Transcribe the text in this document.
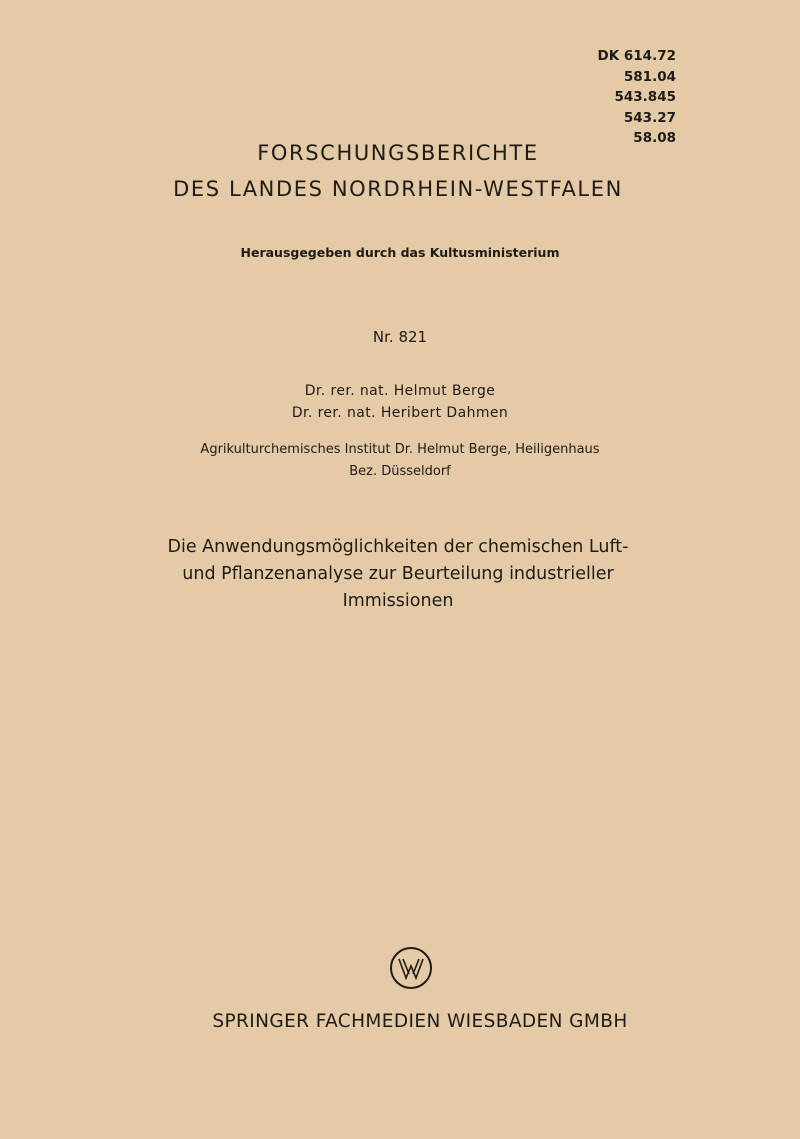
DK 614.72
581.04
543.845
543.27
58.08
FORSCHUNGSBERICHTE
DES LANDES NORDRHEIN-WESTFALEN
Herausgegeben durch das Kultusministerium
Nr. 821
Dr. rer. nat. Helmut Berge
Dr. rer. nat. Heribert Dahmen
Agrikulturchemisches Institut Dr. Helmut Berge, Heiligenhaus
Bez. Düsseldorf
Die Anwendungsmöglichkeiten der chemischen Luft-
und Pflanzenanalyse zur Beurteilung industrieller
Immissionen
SPRINGER FACHMEDIEN WIESBADEN GMBH
